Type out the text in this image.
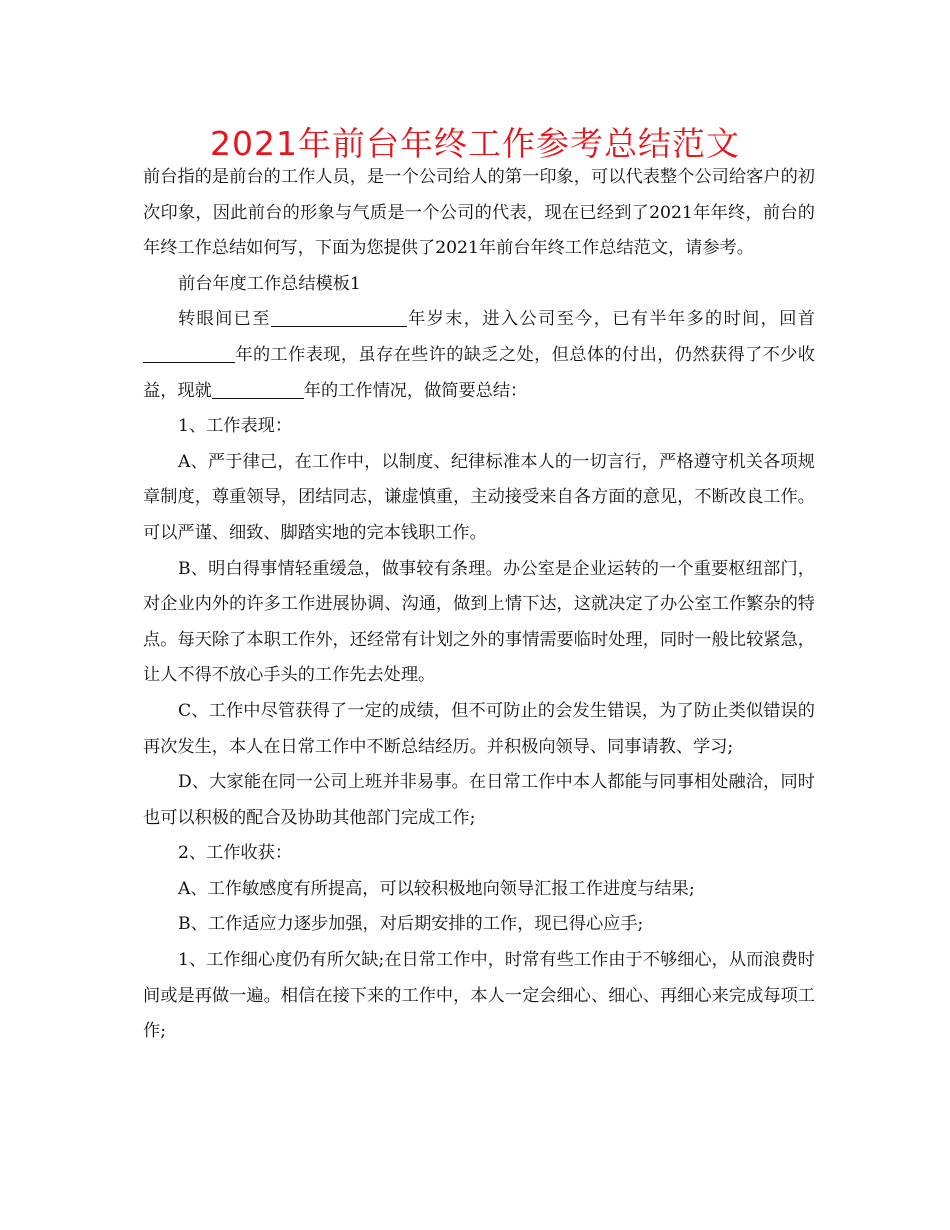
2021年前台年终工作参考总结范文

前台指的是前台的工作人员，是一个公司给人的第一印象，可以代表整个公司给客户的初次印象，因此前台的形象与气质是一个公司的代表，现在已经到了2021年年终，前台的年终工作总结如何写，下面为您提供了2021年前台年终工作总结范文，请参考。

前台年度工作总结模板1

转眼间已至	年岁末，进入公司至今，已有半年多的时间，回首年的工作表现，虽存在些许的缺乏之处，但总体的付出，仍然获得了不少收益，现就	年的工作情况，做简要总结：

1、工作表现：

A、严于律己，在工作中，以制度、纪律标准本人的一切言行，严格遵守机关各项规章制度，尊重领导，团结同志，谦虚慎重，主动接受来自各方面的意见，不断改良工作。可以严谨、细致、脚踏实地的完本钱职工作。

B、明白得事情轻重缓急，做事较有条理。办公室是企业运转的一个重要枢纽部门，对企业内外的许多工作进展协调、沟通，做到上情下达，这就决定了办公室工作繁杂的特点。每天除了本职工作外，还经常有计划之外的事情需要临时处理，同时一般比较紧急，让人不得不放心手头的工作先去处理。

C、工作中尽管获得了一定的成绩，但不可防止的会发生错误，为了防止类似错误的再次发生，本人在日常工作中不断总结经历。并积极向领导、同事请教、学习;

D、大家能在同一公司上班并非易事。在日常工作中本人都能与同事相处融洽，同时也可以积极的配合及协助其他部门完成工作;

2、工作收获：

A、工作敏感度有所提高，可以较积极地向领导汇报工作进度与结果;

B、工作适应力逐步加强，对后期安排的工作，现已得心应手;

1、工作细心度仍有所欠缺;在日常工作中，时常有些工作由于不够细心，从而浪费时间或是再做一遍。相信在接下来的工作中，本人一定会细心、细心、再细心来完成每项工作;
